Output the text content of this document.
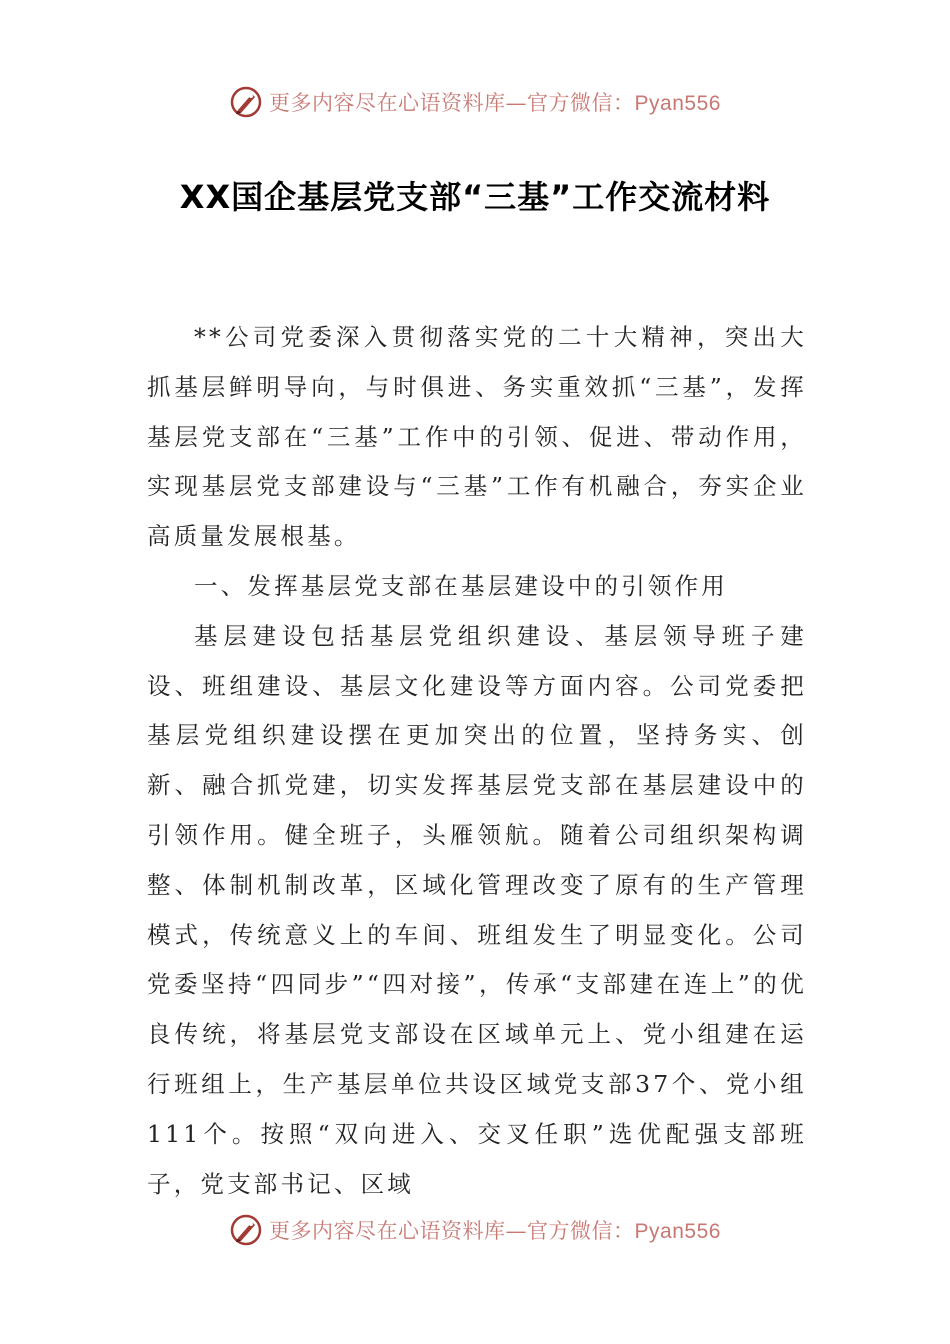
更多内容尽在心语资料库—官方微信：Pyan556
XX国企基层党支部“三基”工作交流材料

**公司党委深入贯彻落实党的二十大精神，突出大抓基层鲜明导向，与时俱进、务实重效抓“三基”，发挥基层党支部在“三基”工作中的引领、促进、带动作用，实现基层党支部建设与“三基”工作有机融合，夯实企业高质量发展根基。

一、发挥基层党支部在基层建设中的引领作用

基层建设包括基层党组织建设、基层领导班子建设、班组建设、基层文化建设等方面内容。公司党委把基层党组织建设摆在更加突出的位置，坚持务实、创新、融合抓党建，切实发挥基层党支部在基层建设中的引领作用。健全班子，头雁领航。随着公司组织架构调整、体制机制改革，区域化管理改变了原有的生产管理模式，传统意义上的车间、班组发生了明显变化。公司党委坚持“四同步”“四对接”，传承“支部建在连上”的优良传统，将基层党支部设在区域单元上、党小组建在运行班组上，生产基层单位共设区域党支部37个、党小组111个。按照“双向进入、交叉任职”选优配强支部班子，党支部书记、区域

更多内容尽在心语资料库—官方微信：Pyan556
